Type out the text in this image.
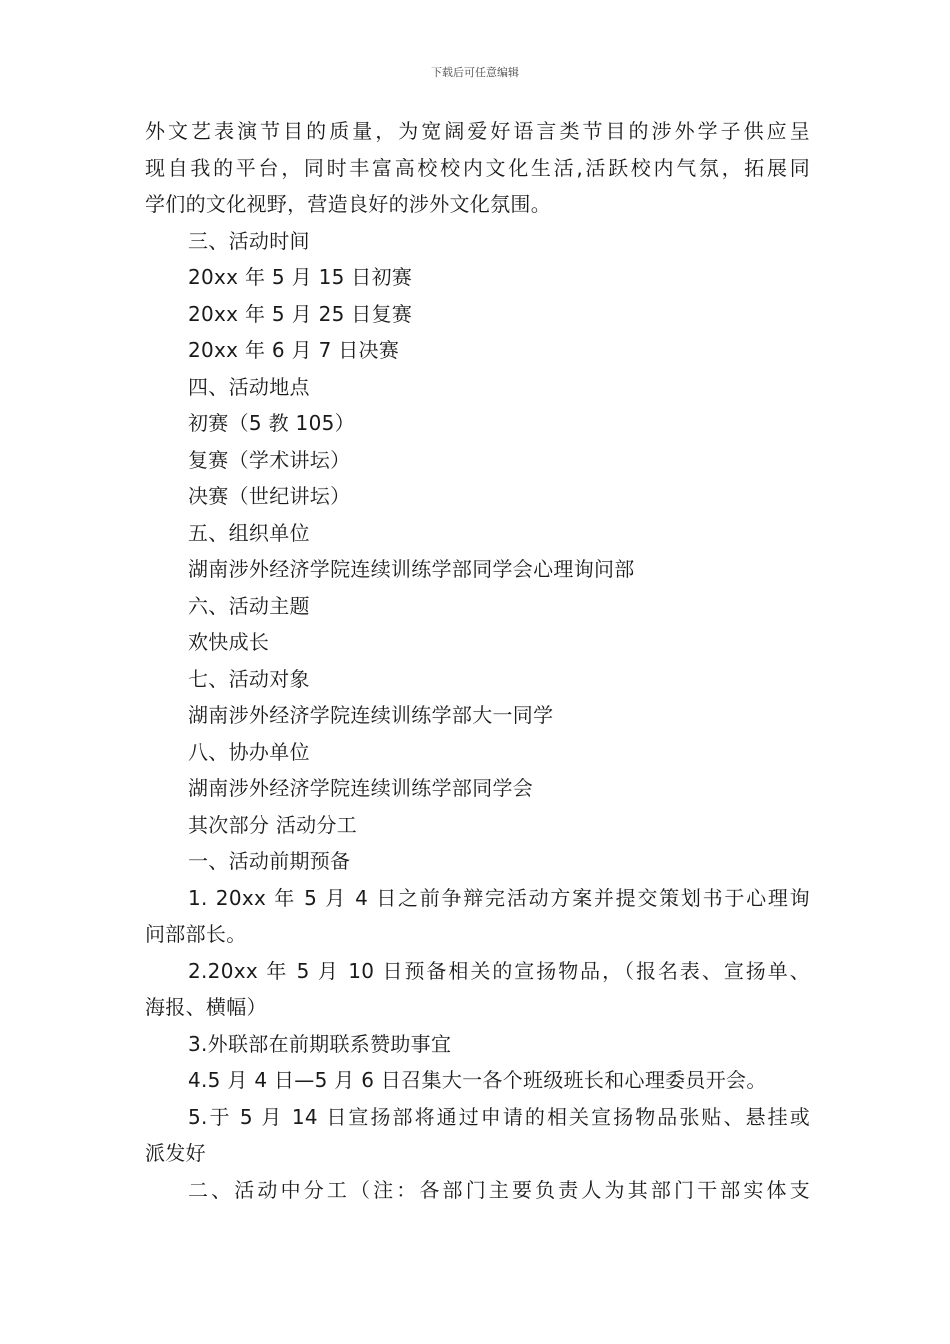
下载后可任意编辑
外文艺表演节目的质量，为宽阔爱好语言类节目的涉外学子供应呈
现自我的平台，同时丰富高校校内文化生活,活跃校内气氛，拓展同
学们的文化视野，营造良好的涉外文化氛围。
三、活动时间
20xx 年 5 月 15 日初赛
20xx 年 5 月 25 日复赛
20xx 年 6 月 7 日决赛
四、活动地点
初赛（5 教 105）
复赛（学术讲坛）
决赛（世纪讲坛）
五、组织单位
湖南涉外经济学院连续训练学部同学会心理询问部
六、活动主题
欢快成长
七、活动对象
湖南涉外经济学院连续训练学部大一同学
八、协办单位
湖南涉外经济学院连续训练学部同学会
其次部分 活动分工
一、活动前期预备
1. 20xx 年 5 月 4 日之前争辩完活动方案并提交策划书于心理询
问部部长。
2.20xx 年 5 月 10 日预备相关的宣扬物品，（报名表、宣扬单、
海报、横幅）
3.外联部在前期联系赞助事宜
4.5 月 4 日—5 月 6 日召集大一各个班级班长和心理委员开会。
5.于 5 月 14 日宣扬部将通过申请的相关宣扬物品张贴、悬挂或
派发好
二、活动中分工（注：各部门主要负责人为其部门干部实体支
